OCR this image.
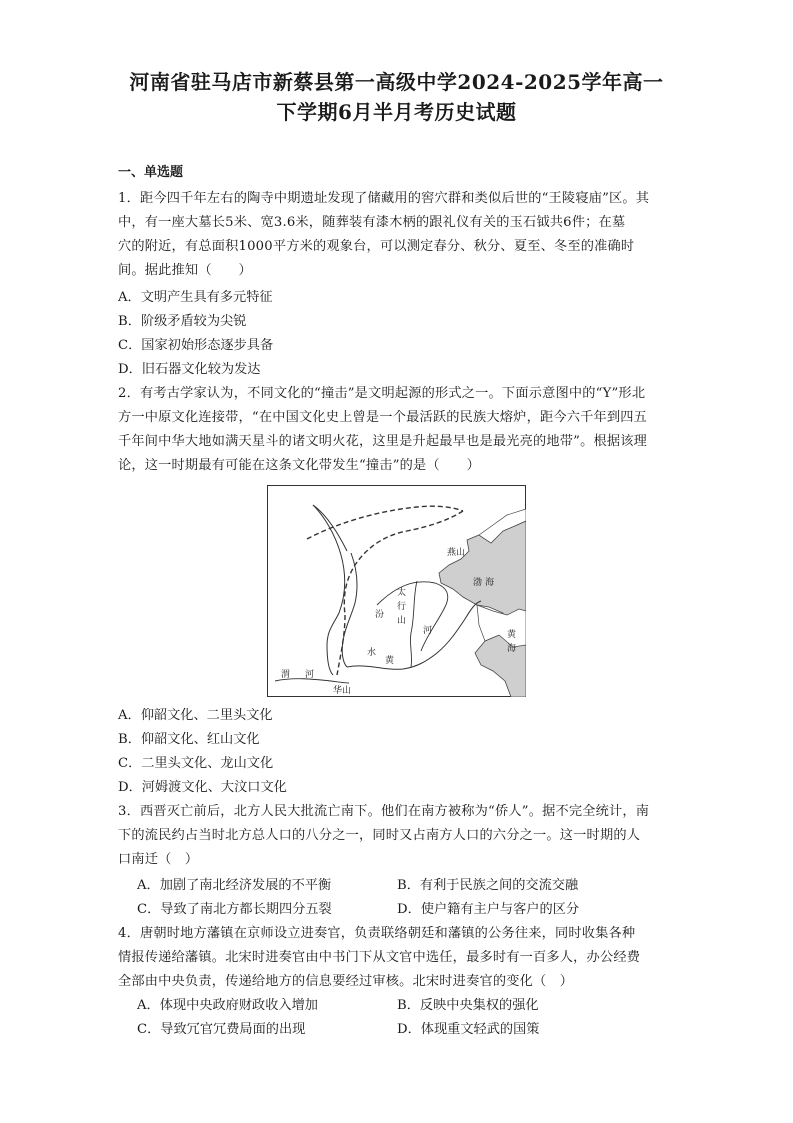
河南省驻马店市新蔡县第一高级中学2024-2025学年高一
下学期6月半月考历史试题
一、单选题
1．距今四千年左右的陶寺中期遗址发现了储藏用的窖穴群和类似后世的“王陵寝庙”区。其
中，有一座大墓长5米、宽3.6米，随葬装有漆木柄的跟礼仪有关的玉石钺共6件；在墓
穴的附近，有总面积1000平方米的观象台，可以测定春分、秋分、夏至、冬至的准确时
间。据此推知（　　）
A．文明产生具有多元特征
B．阶级矛盾较为尖锐
C．国家初始形态逐步具备
D．旧石器文化较为发达
2．有考古学家认为，不同文化的“撞击”是文明起源的形式之一。下面示意图中的“Y”形北
方一中原文化连接带，“在中国文化史上曾是一个最活跃的民族大熔炉，距今六千年到四五
千年间中华大地如满天星斗的诸文明火花，这里是升起最早也是最光亮的地带”。根据该理
论，这一时期最有可能在这条文化带发生“撞击”的是（　　）
燕山
渤 海
太
行
山
汾
河	黄
海
水
黄
渭 河
华山
A．仰韶文化、二里头文化
B．仰韶文化、红山文化
C．二里头文化、龙山文化
D．河姆渡文化、大汶口文化
3．西晋灭亡前后，北方人民大批流亡南下。他们在南方被称为“侨人”。据不完全统计，南
下的流民约占当时北方总人口的八分之一，同时又占南方人口的六分之一。这一时期的人
口南迁（　）
A．加剧了南北经济发展的不平衡	B．有利于民族之间的交流交融
C．导致了南北方都长期四分五裂	D．使户籍有主户与客户的区分
4．唐朝时地方藩镇在京师设立进奏官，负责联络朝廷和藩镇的公务往来，同时收集各种
情报传递给藩镇。北宋时进奏官由中书门下从文官中选任，最多时有一百多人，办公经费
全部由中央负责，传递给地方的信息要经过审核。北宋时进奏官的变化（　）
A．体现中央政府财政收入增加	B．反映中央集权的强化
C．导致冗官冗费局面的出现	D．体现重文轻武的国策
